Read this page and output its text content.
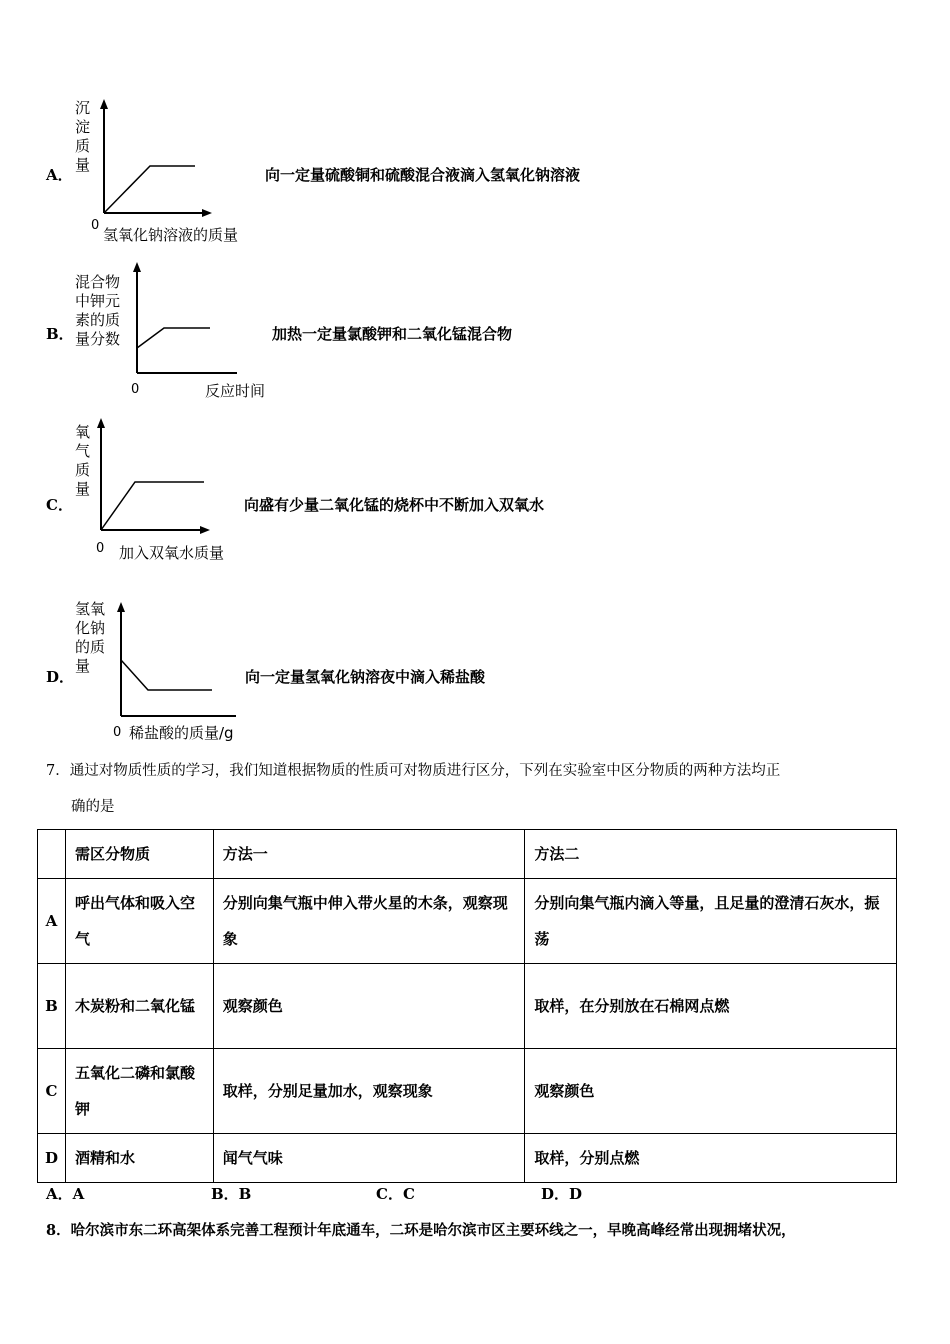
沉
淀
质
量
A．
0
氢氧化钠溶液的质量
向一定量硫酸铜和硫酸混合液滴入氢氧化钠溶液
混合物
中钾元
素的质
量分数
B．
0	反应时间
加热一定量氯酸钾和二氧化锰混合物
氧
气
质
量
C．
0 加入双氧水质量
向盛有少量二氧化锰的烧杯中不断加入双氧水
氢氧
化钠
的质
量
D．
0 稀盐酸的质量/g
向一定量氢氧化钠溶夜中滴入稀盐酸
7．通过对物质性质的学习，我们知道根据物质的性质可对物质进行区分，下列在实验室中区分物质的两种方法均正
确的是
	需区分物质	方法一	方法二
A	呼出气体和吸入空气	分别向集气瓶中伸入带火星的木条，观察现象	分别向集气瓶内滴入等量，且足量的澄清石灰水，振荡
B	木炭粉和二氧化锰	观察颜色	取样，在分别放在石棉网点燃
C	五氧化二磷和氯酸钾	取样，分别足量加水，观察现象	观察颜色
D	酒精和水	闻气气味	取样，分别点燃
A．A	B．B	C．C	D．D
8．哈尔滨市东二环高架体系完善工程预计年底通车，二环是哈尔滨市区主要环线之一，早晚高峰经常出现拥堵状况，
